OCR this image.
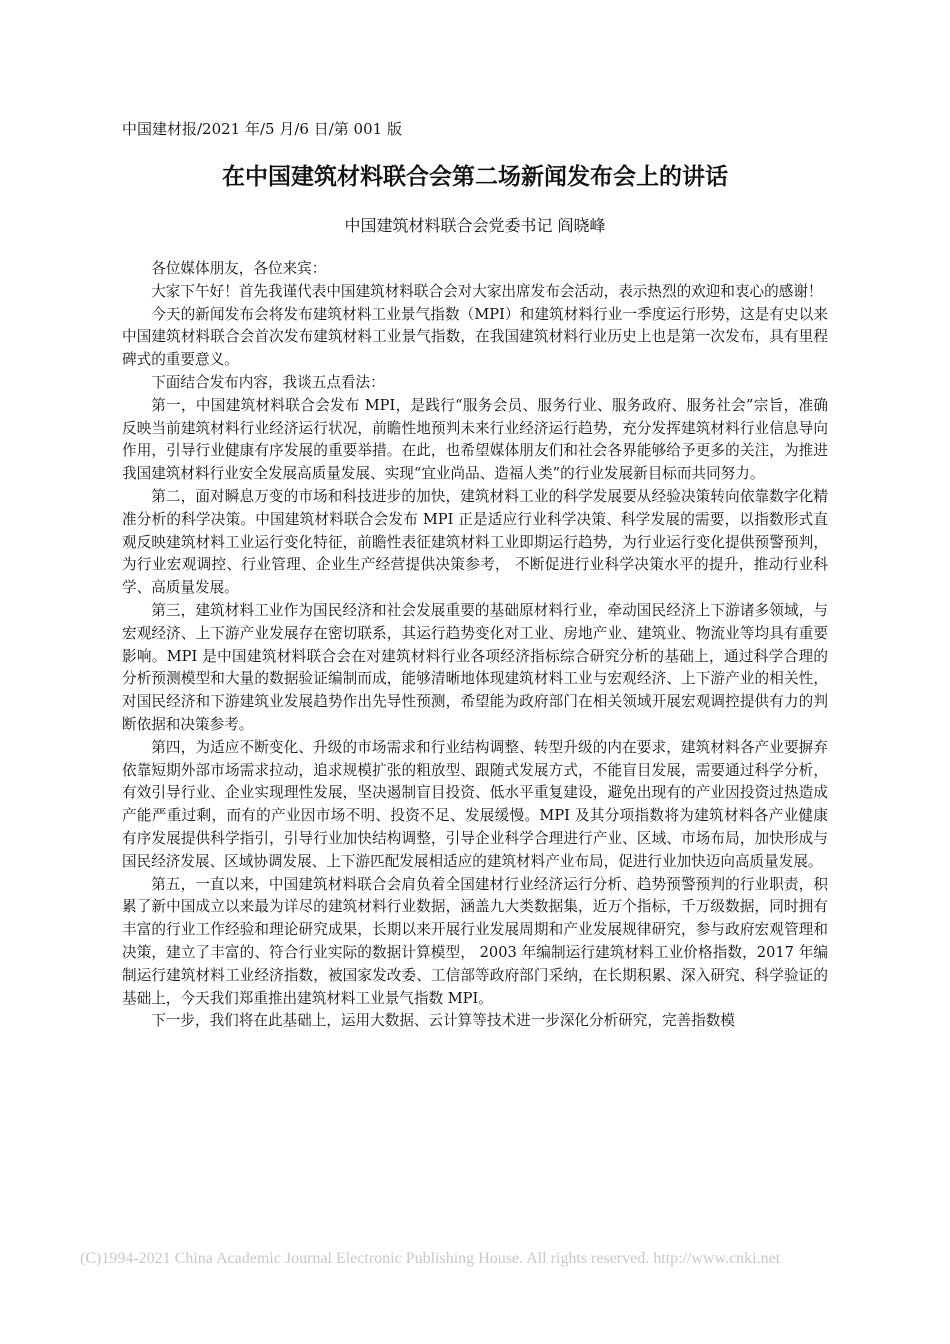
中国建材报/2021 年/5 月/6 日/第 001 版
在中国建筑材料联合会第二场新闻发布会上的讲话
中国建筑材料联合会党委书记 阎晓峰

各位媒体朋友，各位来宾：

大家下午好！首先我谨代表中国建筑材料联合会对大家出席发布会活动，表示热烈的欢迎和衷心的感谢！

今天的新闻发布会将发布建筑材料工业景气指数（MPI）和建筑材料行业一季度运行形势，这是有史以来中国建筑材料联合会首次发布建筑材料工业景气指数，在我国建筑材料行业历史上也是第一次发布，具有里程碑式的重要意义。

下面结合发布内容，我谈五点看法：

第一，中国建筑材料联合会发布 MPI，是践行“服务会员、服务行业、服务政府、服务社会”宗旨，准确反映当前建筑材料行业经济运行状况，前瞻性地预判未来行业经济运行趋势，充分发挥建筑材料行业信息导向作用，引导行业健康有序发展的重要举措。在此，也希望媒体朋友们和社会各界能够给予更多的关注，为推进我国建筑材料行业安全发展高质量发展、实现“宜业尚品、造福人类”的行业发展新目标而共同努力。

第二，面对瞬息万变的市场和科技进步的加快，建筑材料工业的科学发展要从经验决策转向依靠数字化精准分析的科学决策。中国建筑材料联合会发布 MPI 正是适应行业科学决策、科学发展的需要，以指数形式直观反映建筑材料工业运行变化特征，前瞻性表征建筑材料工业即期运行趋势，为行业运行变化提供预警预判，为行业宏观调控、行业管理、企业生产经营提供决策参考， 不断促进行业科学决策水平的提升，推动行业科学、高质量发展。

第三，建筑材料工业作为国民经济和社会发展重要的基础原材料行业，牵动国民经济上下游诸多领域，与宏观经济、上下游产业发展存在密切联系，其运行趋势变化对工业、房地产业、建筑业、物流业等均具有重要影响。MPI 是中国建筑材料联合会在对建筑材料行业各项经济指标综合研究分析的基础上，通过科学合理的分析预测模型和大量的数据验证编制而成，能够清晰地体现建筑材料工业与宏观经济、上下游产业的相关性，对国民经济和下游建筑业发展趋势作出先导性预测，希望能为政府部门在相关领域开展宏观调控提供有力的判断依据和决策参考。

第四，为适应不断变化、升级的市场需求和行业结构调整、转型升级的内在要求，建筑材料各产业要摒弃依靠短期外部市场需求拉动，追求规模扩张的粗放型、跟随式发展方式，不能盲目发展，需要通过科学分析，有效引导行业、企业实现理性发展，坚决遏制盲目投资、低水平重复建设，避免出现有的产业因投资过热造成产能严重过剩，而有的产业因市场不明、投资不足、发展缓慢。MPI 及其分项指数将为建筑材料各产业健康有序发展提供科学指引，引导行业加快结构调整，引导企业科学合理进行产业、区域、市场布局，加快形成与国民经济发展、区域协调发展、上下游匹配发展相适应的建筑材料产业布局，促进行业加快迈向高质量发展。

第五，一直以来，中国建筑材料联合会肩负着全国建材行业经济运行分析、趋势预警预判的行业职责，积累了新中国成立以来最为详尽的建筑材料行业数据，涵盖九大类数据集，近万个指标，千万级数据，同时拥有丰富的行业工作经验和理论研究成果，长期以来开展行业发展周期和产业发展规律研究，参与政府宏观管理和决策，建立了丰富的、符合行业实际的数据计算模型， 2003 年编制运行建筑材料工业价格指数，2017 年编制运行建筑材料工业经济指数，被国家发改委、工信部等政府部门采纳，在长期积累、深入研究、科学验证的基础上，今天我们郑重推出建筑材料工业景气指数 MPI。

下一步，我们将在此基础上，运用大数据、云计算等技术进一步深化分析研究，完善指数模

(C)1994-2021 China Academic Journal Electronic Publishing House. All rights reserved. http://www.cnki.net
